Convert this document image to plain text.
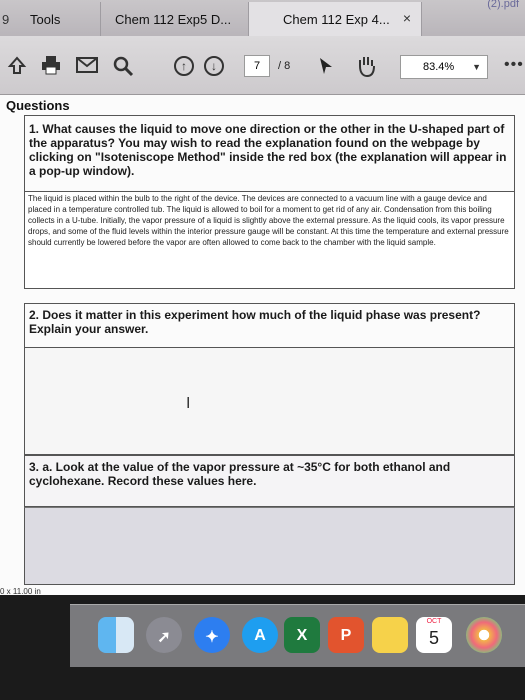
9 Tools	Chem 112 Exp5 D...	Chem 112 Exp 4... ×
(2).pdf
↑	↓	7	/ 8	83.4% ▼ •••
Questions
1. What causes the liquid to move one direction or the other in the U-shaped part of the apparatus? You may wish to read the explanation found on the webpage by clicking on "Isoteniscope Method" inside the red box (the explanation will appear in a pop-up window).
The liquid is placed within the bulb to the right of the device. The devices are connected to a vacuum line with a gauge device and placed in a temperature controlled tub. The liquid is allowed to boil for a moment to get rid of any air. Condensation from this boiling collects in a U-tube. Initially, the vapor pressure of a liquid is slightly above the external pressure. As the liquid cools, its vapor pressure drops, and some of the fluid levels within the interior pressure gauge will be constant. At this time the temperature and external pressure should currently be lowered before the vapor are often allowed to come back to the chamber with the liquid sample.
2. Does it matter in this experiment how much of the liquid phase was present? Explain your answer.
I
3. a. Look at the value of the vapor pressure at ~35°C for both ethanol and cyclohexane. Record these values here.
0 x 11.00 in
➚	✦	A	X	P
OCT
5
